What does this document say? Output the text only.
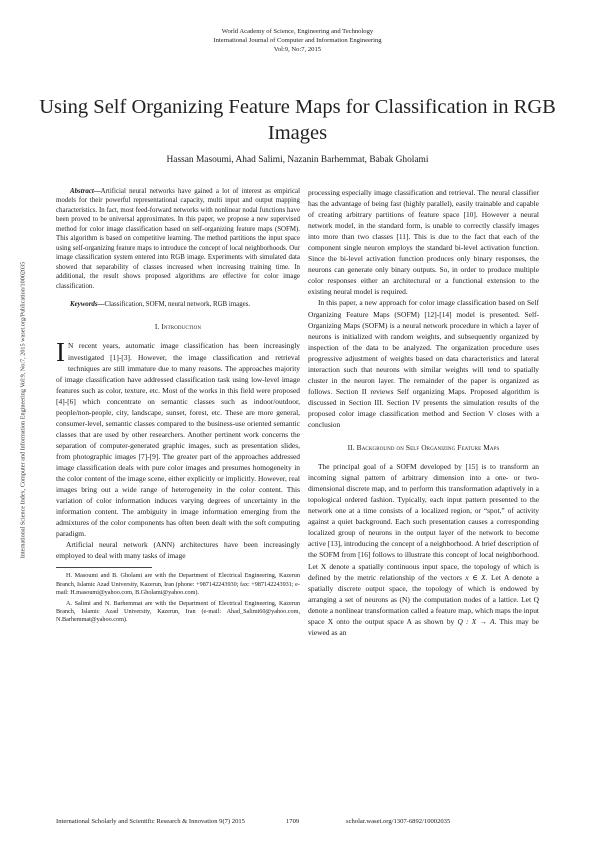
World Academy of Science, Engineering and Technology
International Journal of Computer and Information Engineering
Vol:9, No:7, 2015
Using Self Organizing Feature Maps for Classification in RGB Images
Hassan Masoumi, Ahad Salimi, Nazanin Barhemmat, Babak Gholami
International Science Index, Computer and Information Engineering Vol:9, No:7, 2015 waset.org/Publication/10002035

Abstract—Artificial neural networks have gained a lot of interest as empirical models for their powerful representational capacity, multi input and output mapping characteristics. In fact, most feed-forward networks with nonlinear nodal functions have been proved to be universal approximates. In this paper, we propose a new supervised method for color image classification based on self-organizing feature maps (SOFM). This algorithm is based on competitive learning. The method partitions the input space using self-organizing feature maps to introduce the concept of local neighborhoods. Our image classification system entered into RGB image. Experiments with simulated data showed that separability of classes increased when increasing training time. In additional, the result shows proposed algorithms are effective for color image classification.

Keywords—Classification, SOFM, neural network, RGB images.

I. Introduction

I N recent years, automatic image classification has been increasingly investigated [1]-[3]. However, the image classification and retrieval techniques are still immature due to many reasons. The approaches majority of image classification have addressed classification task using low-level image features such as color, texture, etc. Most of the works in this field were proposed [4]-[6] which concentrate on semantic classes such as indoor/outdoor, people/non-people, city, landscape, sunset, forest, etc. These are more general, consumer-level, semantic classes compared to the business-use oriented semantic classes that are used by other researchers. Another pertinent work concerns the separation of computer-generated graphic images, such as presentation slides, from photographic images [7]-[9]. The greater part of the approaches addressed image classification deals with pure color images and presumes homogeneity in the color content of the image scene, either explicitly or implicitly. However, real images bring out a wide range of heterogeneity in the color content. This variation of color information induces varying degrees of uncertainty in the information content. The ambiguity in image information emerging from the admixtures of the color components has often been dealt with the soft computing paradigm.

Artificial neural network (ANN) architectures have been increasingly employed to deal with many tasks of image

H. Masoumi and B. Gholami are with the Department of Electrical Engineering, Kazerun Branch, Islamic Azad University, Kazerun, Iran (phone: +987142243930; fax: +987142243931; e-mail: H.masoumi@yahoo.com, B.Gholami@yahoo.com).

A. Salimi and N. Barhemmat are with the Department of Electrical Engineering, Kazerun Branch, Islamic Azad University, Kazerun, Iran (e-mail: Ahad_Salimi60@yahoo.com, N.Barhemmat@yahoo.com).

processing especially image classification and retrieval. The neural classifier has the advantage of being fast (highly parallel), easily trainable and capable of creating arbitrary partitions of feature space [10]. However a neural network model, in the standard form, is unable to correctly classify images into more than two classes [11]. This is due to the fact that each of the component single neuron employs the standard bi-level activation function. Since the bi-level activation function produces only binary responses, the neurons can generate only binary outputs. So, in order to produce multiple color responses either an architectural or a functional extension to the existing neural model is required.

In this paper, a new approach for color image classification based on Self Organizing Feature Maps (SOFM) [12]-[14] model is presented. Self-Organizing Maps (SOFM) is a neural network procedure in which a layer of neurons is initialized with random weights, and subsequently organized by inspection of the data to be analyzed. The organization procedure uses progressive adjustment of weights based on data characteristics and lateral interaction such that neurons with similar weights will tend to spatially cluster in the neuron layer. The remainder of the paper is organized as follows. Section II reviews Self organizing Maps. Proposed algorithm is discussed in Section III. Section IV presents the simulation results of the proposed color image classification method and Section V closes with a conclusion

II. Background on Self Organizing Feature Maps

The principal goal of a SOFM developed by [15] is to transform an incoming signal pattern of arbitrary dimension into a one- or two- dimensional discrete map, and to perform this transformation adaptively in a topological ordered fashion. Typically, each input pattern presented to the network one at a time consists of a localized region, or “spot,” of activity against a quiet background. Each such presentation causes a corresponding localized group of neurons in the output layer of the network to become active [13], introducing the concept of a neighborhood. A brief description of the SOFM from [16] follows to illustrate this concept of local neighborhood. Let X denote a spatially continuous input space, the topology of which is defined by the metric relationship of the vectors x ∈ X. Let A denote a spatially discrete output space, the topology of which is endowed by arranging a set of neurons as (N) the computation nodes of a lattice. Let Q denote a nonlinear transformation called a feature map, which maps the input space X onto the output space A as shown by Q : X → A. This may be viewed as an

International Scholarly and Scientific Research & Innovation 9(7) 2015	1709	scholar.waset.org/1307-6892/10002035
